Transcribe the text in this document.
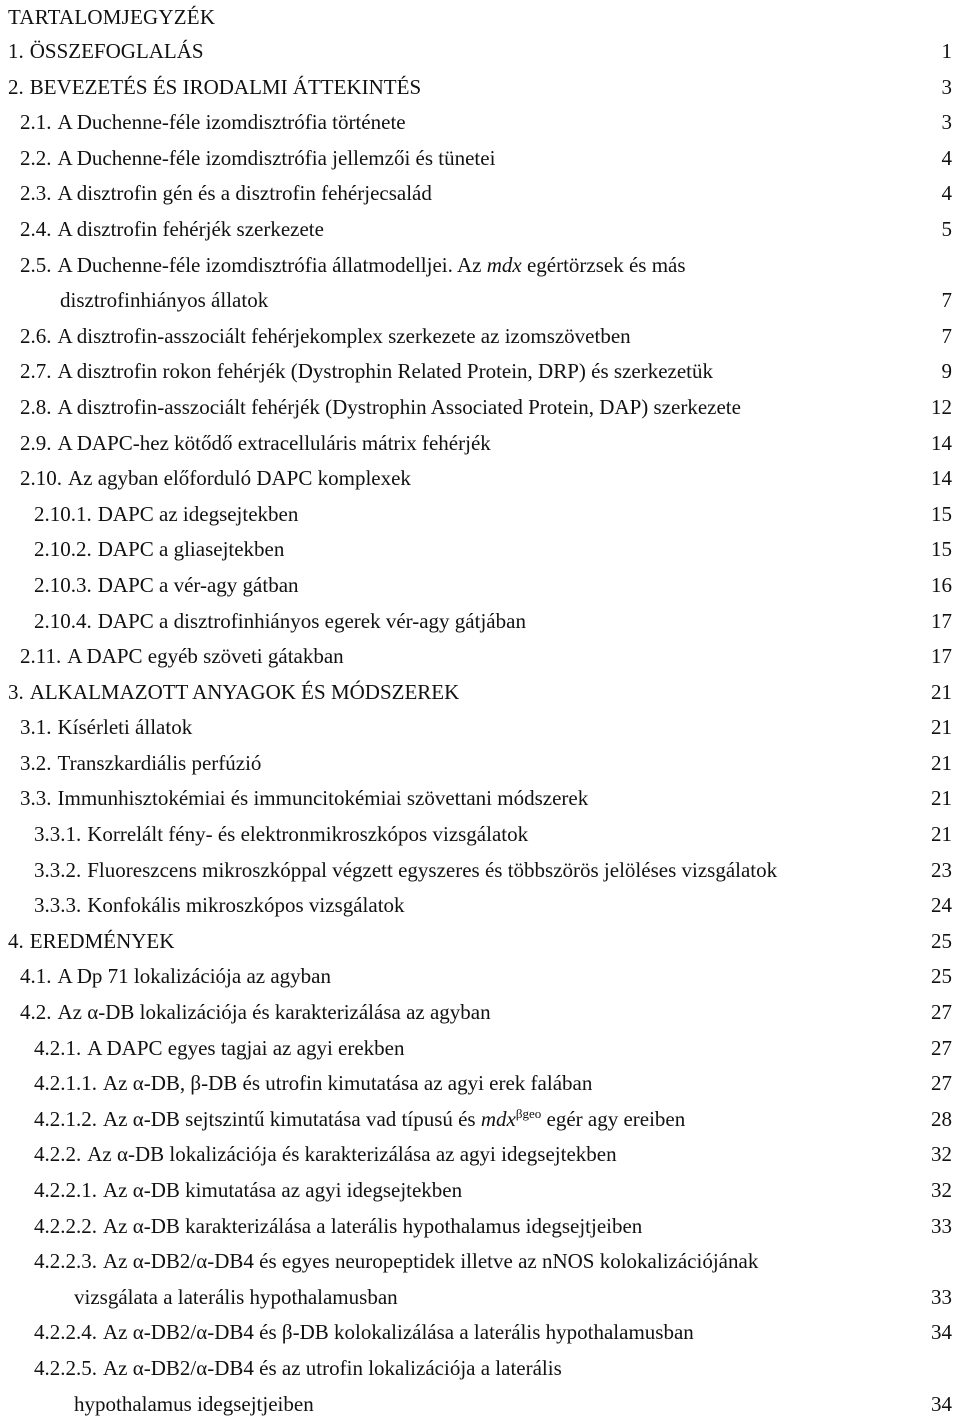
TARTALOMJEGYZÉK
1. ÖSSZEFOGLALÁS	1
2. BEVEZETÉS ÉS IRODALMI ÁTTEKINTÉS	3
2.1. A Duchenne-féle izomdisztrófia története	3
2.2. A Duchenne-féle izomdisztrófia jellemzői és tünetei	4
2.3. A disztrofin gén és a disztrofin fehérjecsalád	4
2.4. A disztrofin fehérjék szerkezete	5
2.5. A Duchenne-féle izomdisztrófia állatmodelljei. Az mdx egértörzsek és más
disztrofinhiányos állatok	7
2.6. A disztrofin-asszociált fehérjekomplex szerkezete az izomszövetben	7
2.7. A disztrofin rokon fehérjék (Dystrophin Related Protein, DRP) és szerkezetük	9
2.8. A disztrofin-asszociált fehérjék (Dystrophin Associated Protein, DAP) szerkezete	12
2.9. A DAPC-hez kötődő extracelluláris mátrix fehérjék	14
2.10. Az agyban előforduló DAPC komplexek	14
2.10.1. DAPC az idegsejtekben	15
2.10.2. DAPC a gliasejtekben	15
2.10.3. DAPC a vér-agy gátban	16
2.10.4. DAPC a disztrofinhiányos egerek vér-agy gátjában	17
2.11. A DAPC egyéb szöveti gátakban	17
3. ALKALMAZOTT ANYAGOK ÉS MÓDSZEREK	21
3.1. Kísérleti állatok	21
3.2. Transzkardiális perfúzió	21
3.3. Immunhisztokémiai és immuncitokémiai szövettani módszerek	21
3.3.1. Korrelált fény- és elektronmikroszkópos vizsgálatok	21
3.3.2. Fluoreszcens mikroszkóppal végzett egyszeres és többszörös jelöléses vizsgálatok	23
3.3.3. Konfokális mikroszkópos vizsgálatok	24
4. EREDMÉNYEK	25
4.1. A Dp 71 lokalizációja az agyban	25
4.2. Az α-DB lokalizációja és karakterizálása az agyban	27
4.2.1. A DAPC egyes tagjai az agyi erekben	27
4.2.1.1. Az α-DB, β-DB és utrofin kimutatása az agyi erek falában	27
4.2.1.2. Az α-DB sejtszintű kimutatása vad típusú és mdx$^{\beta geo}$ egér agy ereiben	28
4.2.2. Az α-DB lokalizációja és karakterizálása az agyi idegsejtekben	32
4.2.2.1. Az α-DB kimutatása az agyi idegsejtekben	32
4.2.2.2. Az α-DB karakterizálása a laterális hypothalamus idegsejtjeiben	33
4.2.2.3. Az α-DB2/α-DB4 és egyes neuropeptidek illetve az nNOS kolokalizációjának
vizsgálata a laterális hypothalamusban	33
4.2.2.4. Az α-DB2/α-DB4 és β-DB kolokalizálása a laterális hypothalamusban	34
4.2.2.5. Az α-DB2/α-DB4 és az utrofin lokalizációja a laterális
hypothalamus idegsejtjeiben	34
